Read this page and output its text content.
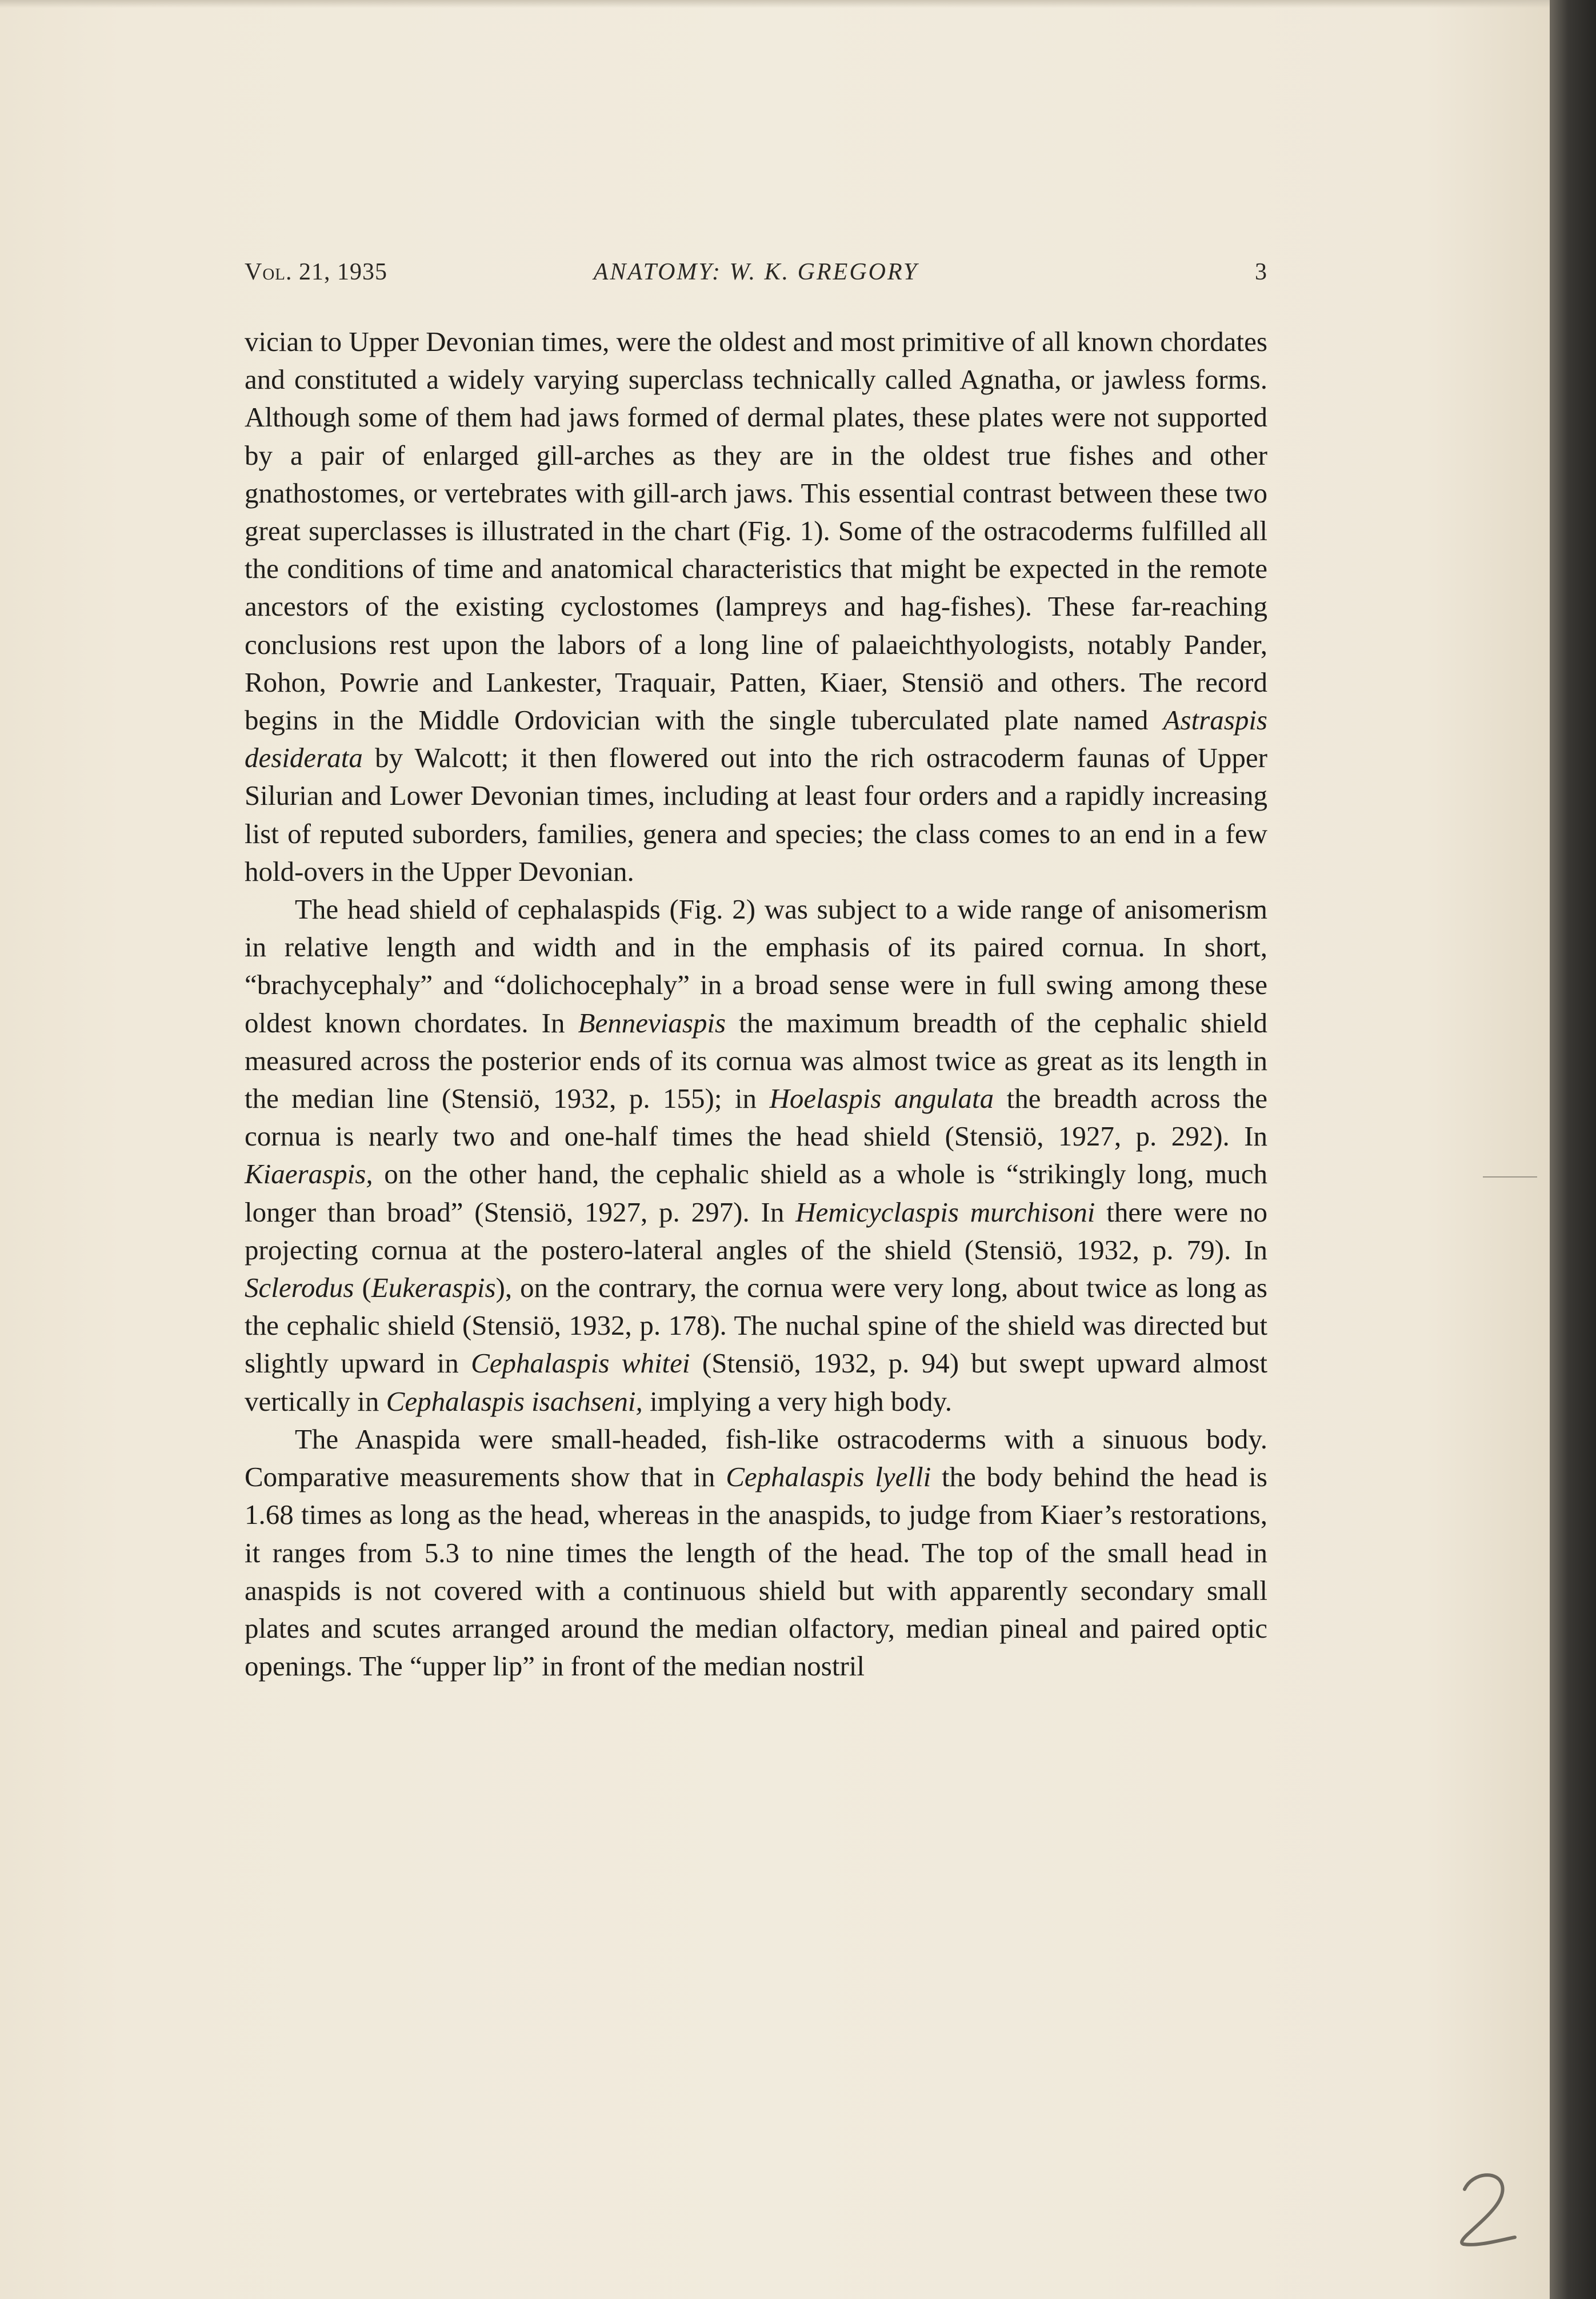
Vol. 21, 1935	ANATOMY: W. K. GREGORY	3

vician to Upper Devonian times, were the oldest and most primitive of all known chordates and constituted a widely varying superclass technically called Agnatha, or jawless forms. Although some of them had jaws formed of dermal plates, these plates were not supported by a pair of enlarged gill-arches as they are in the oldest true fishes and other gnathostomes, or vertebrates with gill-arch jaws. This essential contrast between these two great superclasses is illustrated in the chart (Fig. 1). Some of the ostracoderms fulfilled all the conditions of time and anatomical characteristics that might be expected in the remote ancestors of the existing cyclostomes (lampreys and hag-fishes). These far-reaching conclusions rest upon the labors of a long line of palaeichthyologists, notably Pander, Rohon, Powrie and Lankester, Traquair, Patten, Kiaer, Stensiö and others. The record begins in the Middle Ordovician with the single tuberculated plate named Astraspis desiderata by Walcott; it then flowered out into the rich ostracoderm faunas of Upper Silurian and Lower Devonian times, including at least four orders and a rapidly increasing list of reputed suborders, families, genera and species; the class comes to an end in a few hold-overs in the Upper Devonian.

The head shield of cephalaspids (Fig. 2) was subject to a wide range of anisomerism in relative length and width and in the emphasis of its paired cornua. In short, “brachycephaly” and “dolichocephaly” in a broad sense were in full swing among these oldest known chordates. In Benneviaspis the maximum breadth of the cephalic shield measured across the posterior ends of its cornua was almost twice as great as its length in the median line (Stensiö, 1932, p. 155); in Hoelaspis angulata the breadth across the cornua is nearly two and one-half times the head shield (Stensiö, 1927, p. 292). In Kiaeraspis, on the other hand, the cephalic shield as a whole is “strikingly long, much longer than broad” (Stensiö, 1927, p. 297). In Hemicyclaspis murchisoni there were no projecting cornua at the postero-lateral angles of the shield (Stensiö, 1932, p. 79). In Sclerodus (Eukeraspis), on the contrary, the cornua were very long, about twice as long as the cephalic shield (Stensiö, 1932, p. 178). The nuchal spine of the shield was directed but slightly upward in Cephalaspis whitei (Stensiö, 1932, p. 94) but swept upward almost vertically in Cephalaspis isachseni, implying a very high body.

The Anaspida were small-headed, fish-like ostracoderms with a sinuous body. Comparative measurements show that in Cephalaspis lyelli the body behind the head is 1.68 times as long as the head, whereas in the anaspids, to judge from Kiaer’s restorations, it ranges from 5.3 to nine times the length of the head. The top of the small head in anaspids is not covered with a continuous shield but with apparently secondary small plates and scutes arranged around the median olfactory, median pineal and paired optic openings. The “upper lip” in front of the median nostril
